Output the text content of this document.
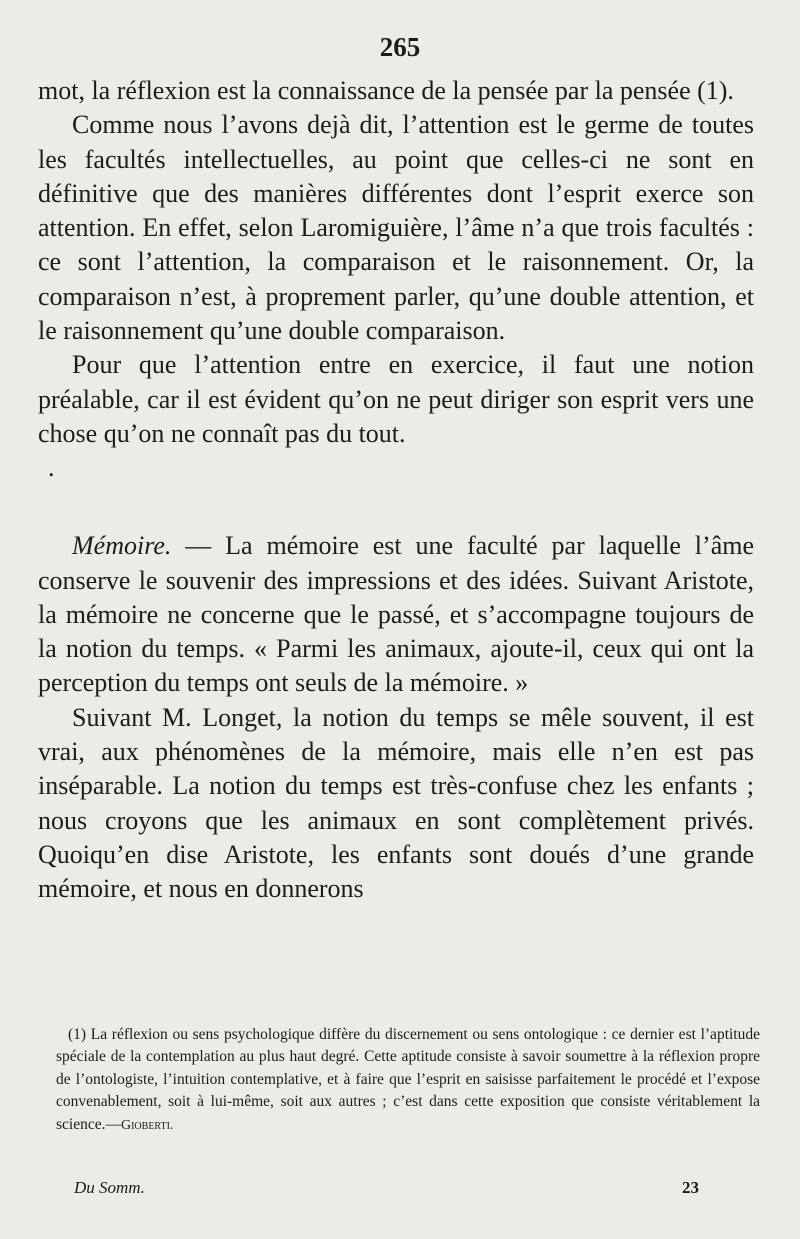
265

mot, la réflexion est la connaissance de la pensée par la pensée (1).

Comme nous l’avons dejà dit, l’attention est le germe de toutes les facultés intellectuelles, au point que celles-ci ne sont en définitive que des manières différentes dont l’esprit exerce son attention. En effet, selon Laromiguière, l’âme n’a que trois facultés : ce sont l’attention, la comparaison et le raisonnement. Or, la comparaison n’est, à proprement parler, qu’une double attention, et le raisonnement qu’une double comparaison.

Pour que l’attention entre en exercice, il faut une notion préalable, car il est évident qu’on ne peut diriger son esprit vers une chose qu’on ne connaît pas du tout.

.

Mémoire. — La mémoire est une faculté par laquelle l’âme conserve le souvenir des impressions et des idées. Suivant Aristote, la mémoire ne concerne que le passé, et s’accompagne toujours de la notion du temps. « Parmi les animaux, ajoute-il, ceux qui ont la perception du temps ont seuls de la mémoire. »

Suivant M. Longet, la notion du temps se mêle souvent, il est vrai, aux phénomènes de la mémoire, mais elle n’en est pas inséparable. La notion du temps est très-confuse chez les enfants ; nous croyons que les animaux en sont complètement privés. Quoiqu’en dise Aristote, les enfants sont doués d’une grande mémoire, et nous en donnerons

(1) La réflexion ou sens psychologique diffère du discernement ou sens ontologique : ce dernier est l’aptitude spéciale de la contemplation au plus haut degré. Cette aptitude consiste à savoir soumettre à la réflexion propre de l’ontologiste, l’intuition contemplative, et à faire que l’esprit en saisisse parfaitement le procédé et l’expose convenablement, soit à lui-même, soit aux autres ; c’est dans cette exposition que consiste véritablement la science.—Gioberti.

Du Somm.	23
